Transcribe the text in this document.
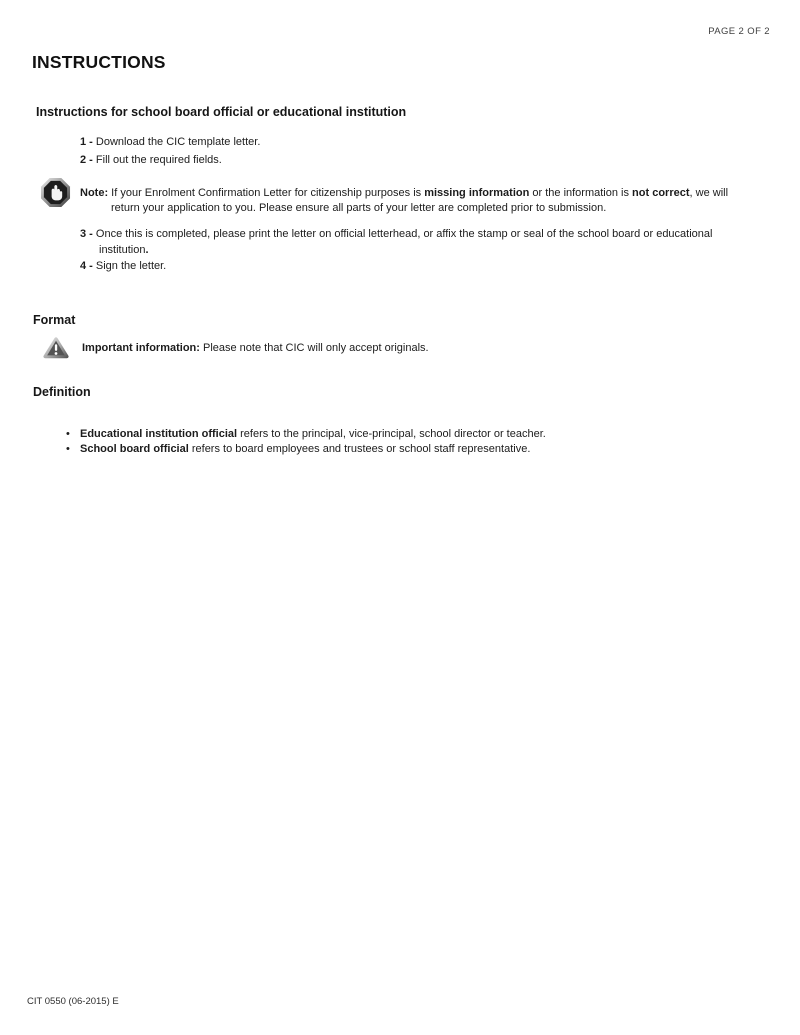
PAGE 2 OF 2
INSTRUCTIONS
Instructions for school board official or educational institution

1 - Download the CIC template letter.

2 - Fill out the required fields.

Note: If your Enrolment Confirmation Letter for citizenship purposes is missing information or the information is not correct, we will return your application to you. Please ensure all parts of your letter are completed prior to submission.

3 - Once this is completed, please print the letter on official letterhead, or affix the stamp or seal of the school board or educational institution.

4 - Sign the letter.

Format

Important information: Please note that CIC will only accept originals.

Definition
• Educational institution official refers to the principal, vice-principal, school director or teacher.

• School board official refers to board employees and trustees or school staff representative.

CIT 0550 (06-2015) E
